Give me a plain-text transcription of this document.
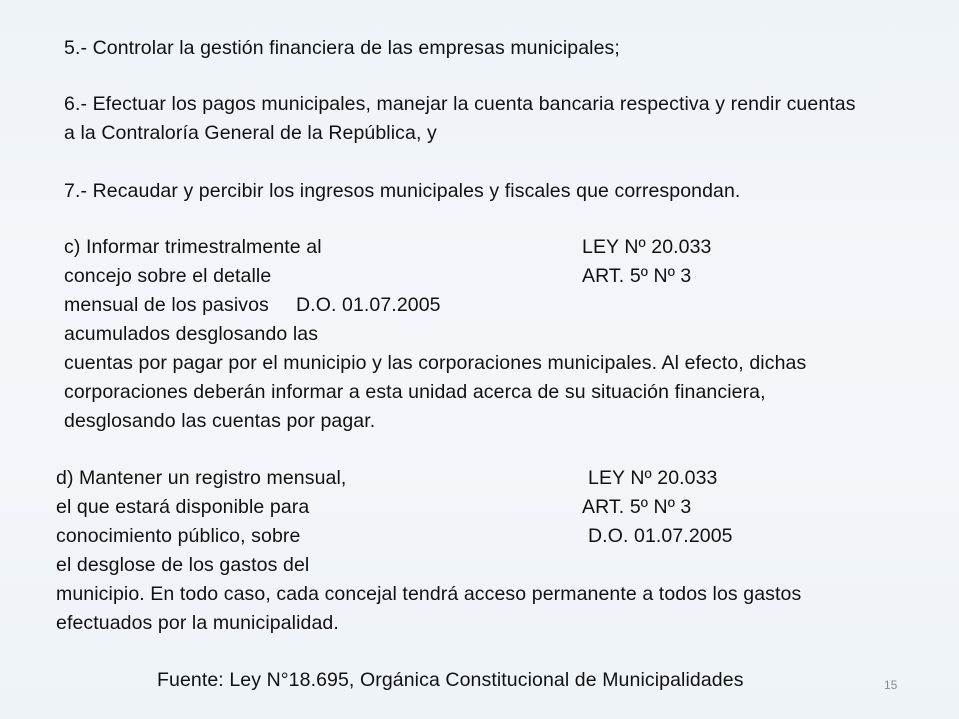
5.- Controlar la gestión financiera de las empresas municipales;

6.- Efectuar los pagos municipales, manejar la cuenta bancaria respectiva y rendir cuentas

a la Contraloría General de la República, y

7.- Recaudar y percibir los ingresos municipales y fiscales que correspondan.

c) Informar trimestralmente al

concejo sobre el detalle

mensual de los pasivos

acumulados desglosando las

cuentas por pagar por el municipio y las corporaciones municipales. Al efecto, dichas

corporaciones deberán informar a esta unidad acerca de su situación financiera,

desglosando las cuentas por pagar.

LEY Nº 20.033

ART. 5º Nº 3

D.O. 01.07.2005

d) Mantener un registro mensual,

el que estará disponible para

conocimiento público, sobre

el desglose de los gastos del

municipio. En todo caso, cada concejal tendrá acceso permanente a todos los gastos

efectuados por la municipalidad.

LEY Nº 20.033

ART. 5º Nº 3

D.O. 01.07.2005

Fuente: Ley N°18.695, Orgánica Constitucional de Municipalidades	15
